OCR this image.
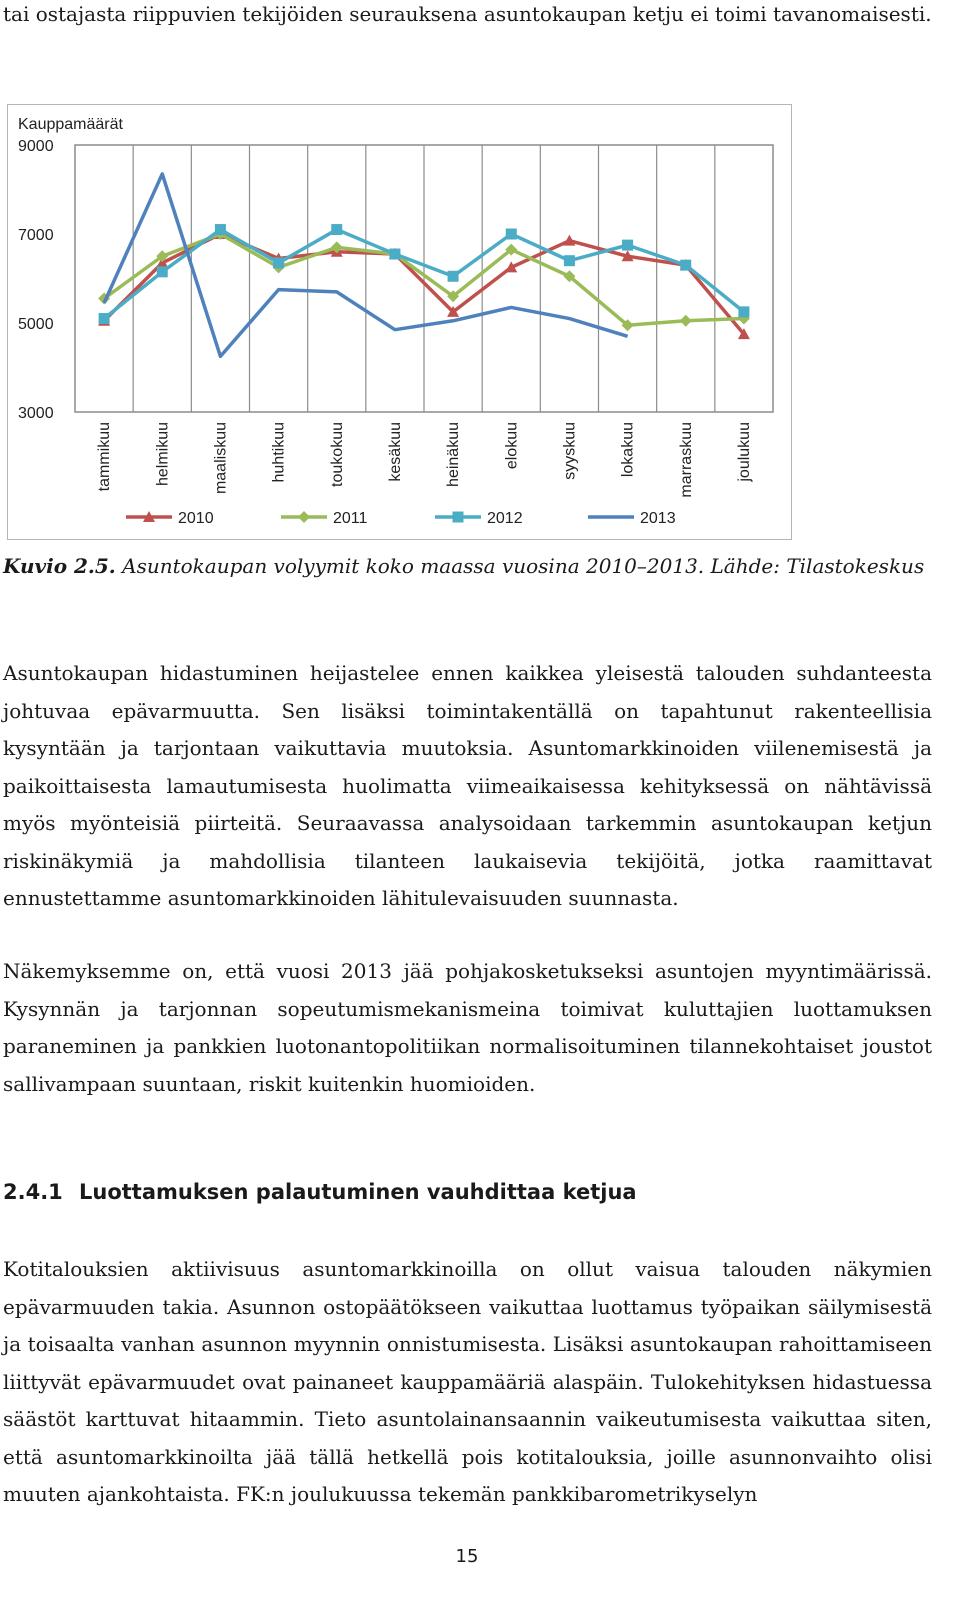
tai ostajasta riippuvien tekijöiden seurauksena asuntokaupan ketju ei toimi tavanomaisesti.

Kauppamäärät
3000
5000
7000
9000
tammikuu	helmikuu	maaliskuu	huhtikuu	toukokuu	kesäkuu	heinäkuu	elokuu	syyskuu	lokakuu	marraskuu	joulukuu
2010	2011	2012	2013

Kuvio 2.5. Asuntokaupan volyymit koko maassa vuosina 2010–2013. Lähde: Tilastokeskus

Asuntokaupan hidastuminen heijastelee ennen kaikkea yleisestä talouden suhdanteesta johtuvaa epävarmuutta. Sen lisäksi toimintakentällä on tapahtunut rakenteellisia kysyntään ja tarjontaan vaikuttavia muutoksia. Asuntomarkkinoiden viilenemisestä ja paikoittaisesta lamautumisesta huolimatta viimeaikaisessa kehityksessä on nähtävissä myös myönteisiä piirteitä. Seuraavassa analysoidaan tarkemmin asuntokaupan ketjun riskinäkymiä ja mahdollisia tilanteen laukaisevia tekijöitä, jotka raamittavat ennustettamme asuntomarkkinoiden lähitulevaisuuden suunnasta.

Näkemyksemme on, että vuosi 2013 jää pohjakosketukseksi asuntojen myyntimäärissä. Kysynnän ja tarjonnan sopeutumismekanismeina toimivat kuluttajien luottamuksen paraneminen ja pankkien luotonantopolitiikan normalisoituminen tilannekohtaiset joustot sallivampaan suuntaan, riskit kuitenkin huomioiden.

2.4.1 Luottamuksen palautuminen vauhdittaa ketjua

Kotitalouksien aktiivisuus asuntomarkkinoilla on ollut vaisua talouden näkymien epävarmuuden takia. Asunnon ostopäätökseen vaikuttaa luottamus työpaikan säilymisestä ja toisaalta vanhan asunnon myynnin onnistumisesta. Lisäksi asuntokaupan rahoittamiseen liittyvät epävarmuudet ovat painaneet kauppamääriä alaspäin. Tulokehityksen hidastuessa säästöt karttuvat hitaammin. Tieto asuntolainansaannin vaikeutumisesta vaikuttaa siten, että asuntomarkkinoilta jää tällä hetkellä pois kotitalouksia, joille asunnonvaihto olisi muuten ajankohtaista. FK:n joulukuussa tekemän pankkibarometrikyselyn

15
